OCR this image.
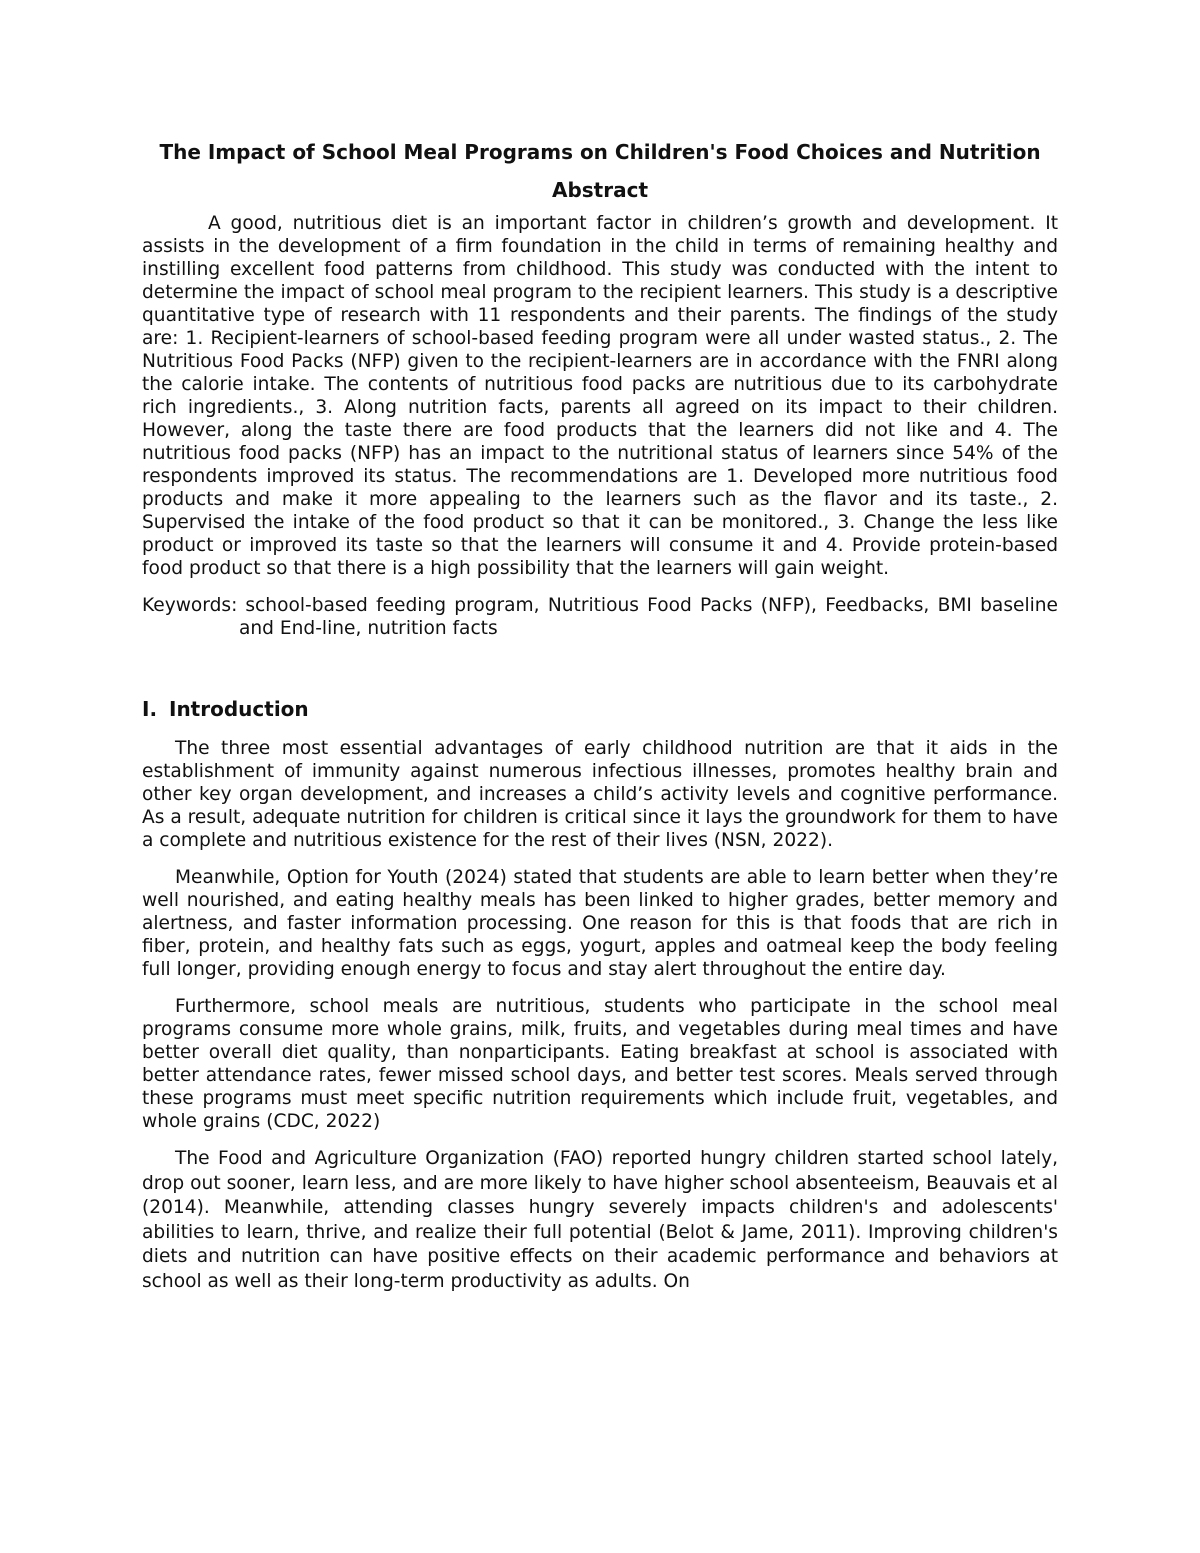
The Impact of School Meal Programs on Children's Food Choices and Nutrition
Abstract

A good, nutritious diet is an important factor in children’s growth and development. It assists in the development of a firm foundation in the child in terms of remaining healthy and instilling excellent food patterns from childhood. This study was conducted with the intent to determine the impact of school meal program to the recipient learners. This study is a descriptive quantitative type of research with 11 respondents and their parents. The findings of the study are: 1. Recipient-learners of school-based feeding program were all under wasted status., 2. The Nutritious Food Packs (NFP) given to the recipient-learners are in accordance with the FNRI along the calorie intake. The contents of nutritious food packs are nutritious due to its carbohydrate rich ingredients., 3. Along nutrition facts, parents all agreed on its impact to their children. However, along the taste there are food products that the learners did not like and 4. The nutritious food packs (NFP) has an impact to the nutritional status of learners since 54% of the respondents improved its status. The recommendations are 1. Developed more nutritious food products and make it more appealing to the learners such as the flavor and its taste., 2. Supervised the intake of the food product so that it can be monitored., 3. Change the less like product or improved its taste so that the learners will consume it and 4. Provide protein-based food product so that there is a high possibility that the learners will gain weight.

Keywords: school-based feeding program, Nutritious Food Packs (NFP), Feedbacks, BMI baseline   and End-line, nutrition facts

I. Introduction

The three most essential advantages of early childhood nutrition are that it aids in the establishment of immunity against numerous infectious illnesses, promotes healthy brain and other key organ development, and increases a child’s activity levels and cognitive performance. As a result, adequate nutrition for children is critical since it lays the groundwork for them to have a complete and nutritious existence for the rest of their lives (NSN, 2022).

Meanwhile, Option for Youth (2024) stated that students are able to learn better when they’re well nourished, and eating healthy meals has been linked to higher grades, better memory and alertness, and faster information processing. One reason for this is that foods that are rich in fiber, protein, and healthy fats such as eggs, yogurt, apples and oatmeal keep the body feeling full longer, providing enough energy to focus and stay alert throughout the entire day.

Furthermore, school meals are nutritious, students who participate in the school meal programs consume more whole grains, milk, fruits, and vegetables during meal times and have better overall diet quality, than nonparticipants. Eating breakfast at school is associated with better attendance rates, fewer missed school days, and better test scores. Meals served through these programs must meet specific nutrition requirements which include fruit, vegetables, and whole grains (CDC, 2022)

The Food and Agriculture Organization (FAO) reported hungry children started school lately, drop out sooner, learn less, and are more likely to have higher school absenteeism, Beauvais et al (2014). Meanwhile, attending classes hungry severely impacts children's and adolescents' abilities to learn, thrive, and realize their full potential (Belot & Jame, 2011). Improving children's diets and nutrition can have positive effects on their academic performance and behaviors at school as well as their long-term productivity as adults. On
